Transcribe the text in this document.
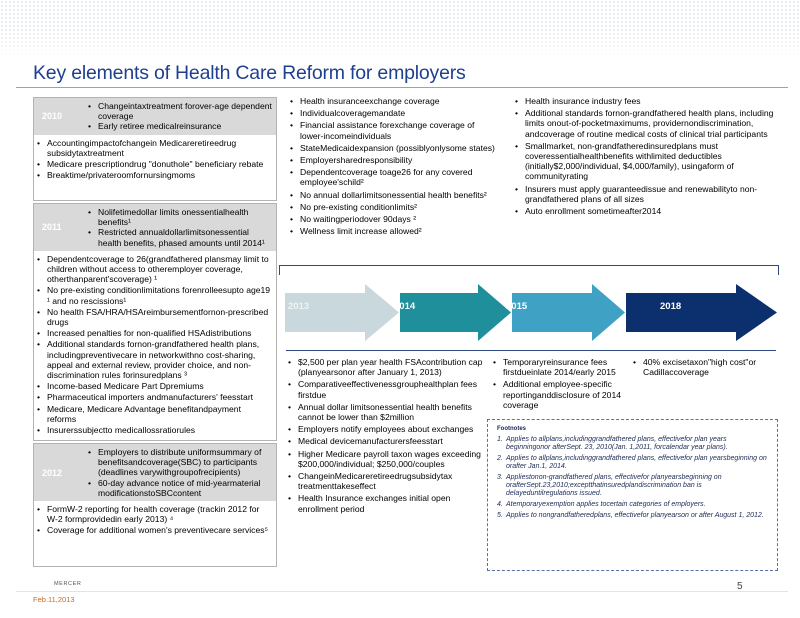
Key elements of Health Care Reform for employers
2010
• Changeintaxtreatment forover-age dependent coverage
• Early retiree medicalreinsurance
• Accountingimpactofchangein Medicareretireedrug subsidytaxtreatment
• Medicare prescriptiondrug "donuthole" beneficiary rebate
• Breaktime/privateroomfornursingmoms
2011
• Nolifetimedollar limits onessentialhealth benefits¹
• Restricted annualdollarlimitsonessential health benefits, phased amounts until 2014¹
• Dependentcoverage to 26(grandfathered plansmay limit to children without access to otheremployer coverage, otherthanparent'scoverage) ¹
• No pre-existing conditionlimitations forenrolleesupto age19 ¹ and no rescissions¹
• No health FSA/HRA/HSAreimbursementfornon-prescribed drugs
• Increased penalties for non-qualified HSAdistributions
• Additional standards fornon-grandfathered health plans, includingpreventivecare in networkwithno cost-sharing, appeal and external review, provider choice, and non-discrimination rules forinsuredplans ³
• Income-based Medicare Part Dpremiums
• Pharmaceutical importers andmanufacturers' feesstart
• Medicare, Medicare Advantage benefitandpayment reforms
• Insurerssubjectto medicallossratiorules
2012
• Employers to distribute uniformsummary of benefitsandcoverage(SBC) to participants (deadlines varywithgroupofrecipients)
• 60-day advance notice of mid-yearmaterial modificationstoSBCcontent
• FormW-2 reporting for health coverage (trackin 2012 for W-2 formprovidedin early 2013) ⁴
• Coverage for additional women's preventivecare services⁵
• Health insuranceexchange coverage
• Individualcoveragemandate
• Financial assistance forexchange coverage of lower-incomeindividuals
• StateMedicaidexpansion (possiblyonlysome states)
• Employersharedresponsibility
• Dependentcoverage toage26 for any covered employee'schild²
• No annual dollarlimitsonessential health benefits²
• No pre-existing conditionlimits²
• No waitingperiodover 90days ²
• Wellness limit increase allowed²
• Health insurance industry fees
• Additional standards fornon-grandfathered health plans, including limits onout-of-pocketmaximums, providernondiscrimination, andcoverage of routine medical costs of clinical trial participants
• Smallmarket, non-grandfatheredinsuredplans must coveressentialhealthbenefits withlimited deductibles (initially$2,000/individual, $4,000/family), usingaform of communityrating
• Insurers must apply guaranteedissue and renewabilityto non-grandfathered plans of all sizes
• Auto enrollment sometimeafter2014
2013	2014	2015	2018
• $2,500 per plan year health FSAcontribution cap (planyearsonor after January 1, 2013)
• Comparativeeffectivenessgrouphealthplan fees firstdue
• Annual dollar limitsonessential health benefits cannot be lower than $2million
• Employers notify employees about exchanges
• Medical devicemanufacturersfeesstart
• Higher Medicare payroll taxon wages exceeding $200,000/individual; $250,000/couples
• ChangeinMedicareretireedrugsubsidytax treatmenttakeseffect
• Health Insurance exchanges initial open enrollment period
• Temporaryreinsurance fees firstdueinlate 2014/early 2015
• Additional employee-specific reportinganddisclosure of 2014 coverage
• 40% excisetaxon"high cost"or Cadillaccoverage
Footnotes
1. Applies to allplans,includinggrandfathered plans, effectivefor plan years beginningonor afterSept. 23, 2010(Jan. 1,2011, forcalendar year plans).
2. Applies to allplans,includinggrandfathered plans, effectivefor plan yearsbeginning on orafter Jan.1, 2014.
3. Appliestonon-grandfathered plans, effectivefor planyearsbeginning on orafterSept.23,2010;exceptthatinsuredplandiscrimination ban is delayeduntilregulations issued.
4. Atemporaryexemption applies tocertain categories of employers.
5. Applies to nongrandfatheredplans, effectivefor planyearson or after August 1, 2012.
MERCER
Feb.11,2013
5
